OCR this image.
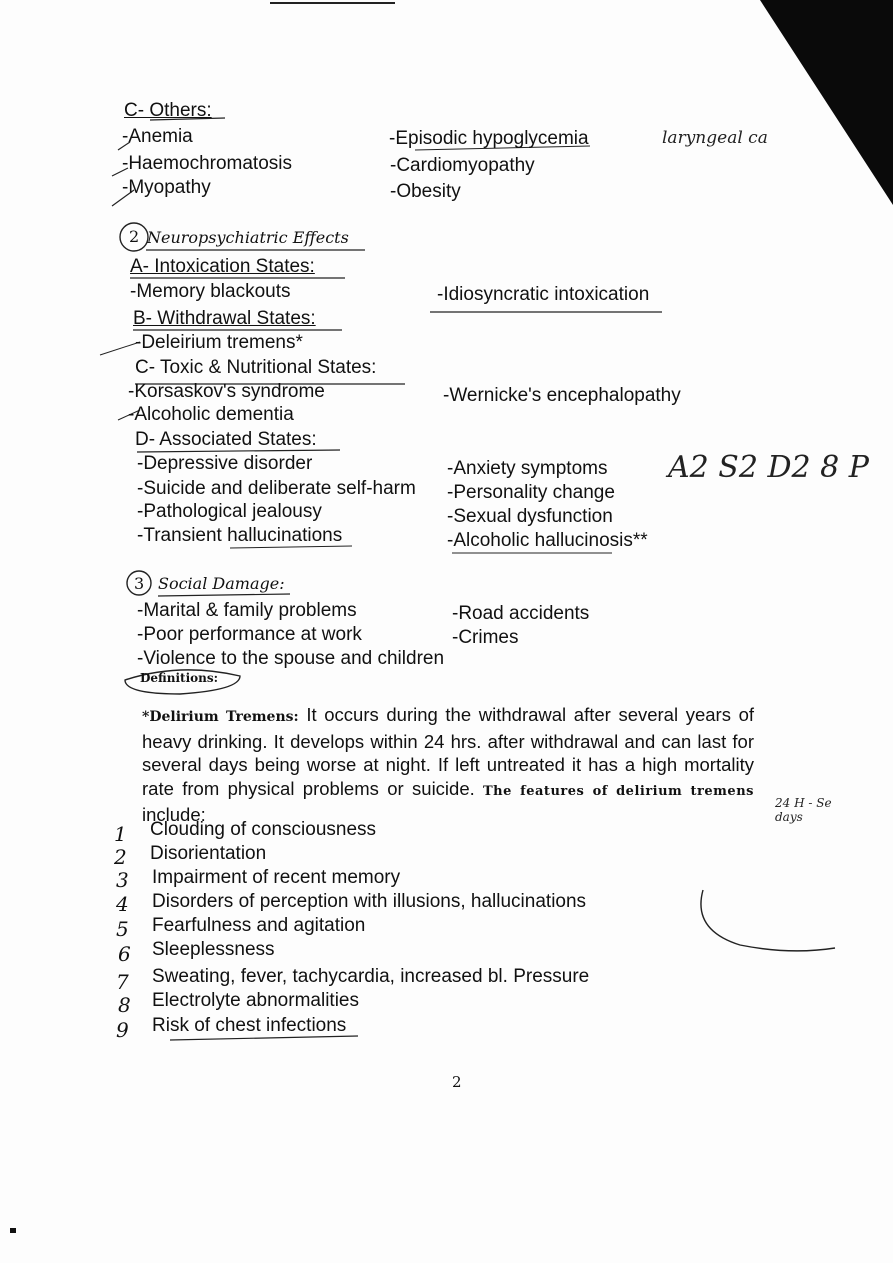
C- Others:
-Anemia
-Haemochromatosis
-Myopathy
-Episodic hypoglycemia
-Cardiomyopathy
-Obesity
laryngeal ca
2 Neuropsychiatric Effects
A- Intoxication States:
-Memory blackouts	-Idiosyncratic intoxication
B- Withdrawal States:
-Deleirium tremens*
C- Toxic & Nutritional States:
-Korsaskov's syndrome
-Alcoholic dementia
-Wernicke's encephalopathy
D- Associated States:
-Depressive disorder
-Suicide and deliberate self-harm
-Pathological jealousy
-Transient hallucinations
-Anxiety symptoms
-Personality change
-Sexual dysfunction
-Alcoholic hallucinosis**
A2 S2 D2 8 P
3 Social Damage:
-Marital & family problems
-Poor performance at work
-Road accidents
-Crimes
-Violence to the spouse and children
Definitions:
*Delirium Tremens: It occurs during the withdrawal after several years of heavy drinking. It develops within 24 hrs. after withdrawal and can last for several days being worse at night. If left untreated it has a high mortality rate from physical problems or suicide. The features of delirium tremens include:
24 H - Se days
1 Clouding of consciousness
2 Disorientation
3 Impairment of recent memory
4 Disorders of perception with illusions, hallucinations
5 Fearfulness and agitation
6 Sleeplessness
7 Sweating, fever, tachycardia, increased bl. Pressure
8 Electrolyte abnormalities
9 Risk of chest infections
2
